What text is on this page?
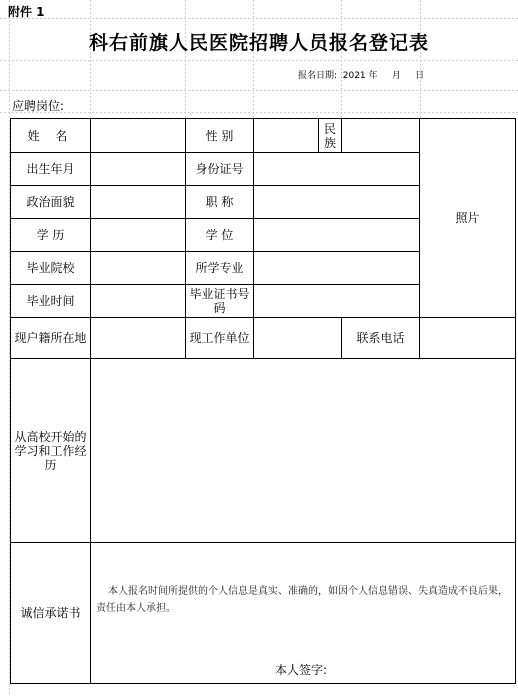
附件 1
科右前旗人民医院招聘人员报名登记表
报名日期:  2021 年     月     日
应聘岗位:
姓 名		性 别		民族		照片
出生年月		身份证号				
政治面貌		职 称				
学 历		学 位				
毕业院校		所学专业				
毕业时间		毕业证书号码				
现户籍所在地		现工作单位			联系电话	
从高校开始的学习和工作经历						
诚信承诺书						
本人报名时间所提供的个人信息是真实、准确的，如因个人信息错误、失真造成不良后果，责任由本人承担。
本人签字:
